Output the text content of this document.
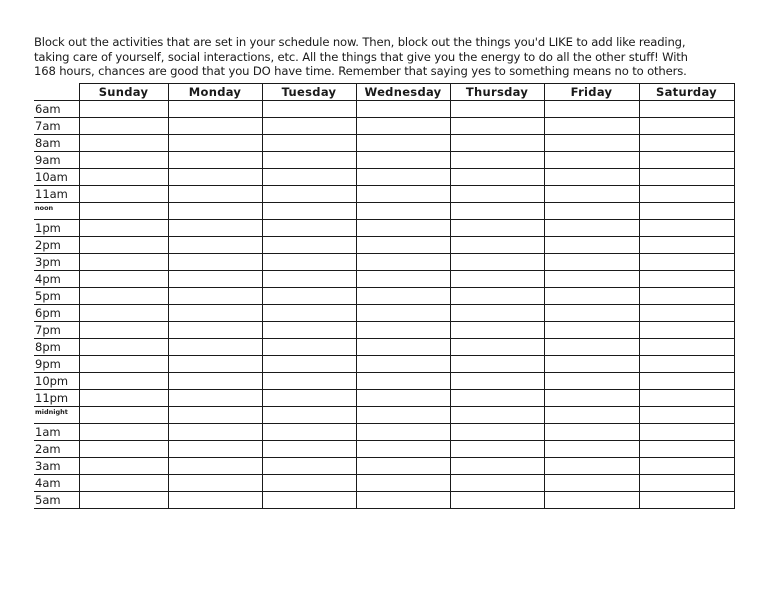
Block out the activities that are set in your schedule now. Then, block out the things you'd LIKE to add like reading,

taking care of yourself, social interactions, etc. All the things that give you the energy to do all the other stuff! With

168 hours, chances are good that you DO have time. Remember that saying yes to something means no to others.

	Sunday	Monday	Tuesday	Wednesday	Thursday	Friday	Saturday
6am							
7am							
8am							
9am							
10am							
11am							
noon							
1pm							
2pm							
3pm							
4pm							
5pm							
6pm							
7pm							
8pm							
9pm							
10pm							
11pm							
midnight							
1am							
2am							
3am							
4am							
5am							
